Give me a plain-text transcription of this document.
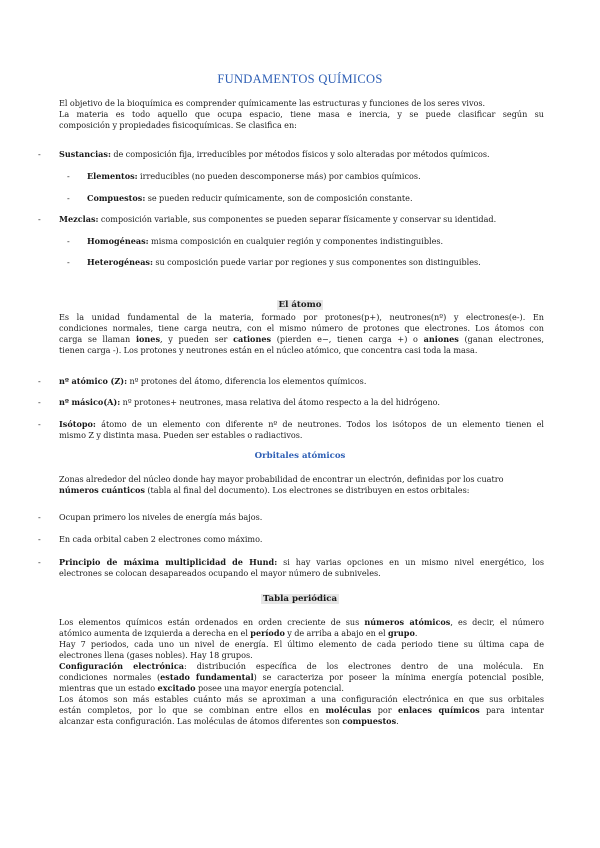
FUNDAMENTOS QUÍMICOS
El objetivo de la bioquímica es comprender químicamente las estructuras y funciones de los seres vivos.
La materia es todo aquello que ocupa espacio, tiene masa e inercia, y se puede clasificar según su
composición y propiedades fisicoquímicas. Se clasifica en:
- Sustancias: de composición fija, irreducibles por métodos físicos y solo alteradas por métodos químicos.
- Elementos: irreducibles (no pueden descomponerse más) por cambios químicos.
- Compuestos: se pueden reducir químicamente, son de composición constante.
- Mezclas: composición variable, sus componentes se pueden separar físicamente y conservar su identidad.
- Homogéneas: misma composición en cualquier región y componentes indistinguibles.
- Heterogéneas: su composición puede variar por regiones y sus componentes son distinguibles.
El átomo
Es la unidad fundamental de la materia, formado por protones(p+), neutrones(nº) y electrones(e-). En
condiciones normales, tiene carga neutra, con el mismo número de protones que electrones. Los átomos con
carga se llaman iones, y pueden ser cationes (pierden e−, tienen carga +) o aniones (ganan electrones,
tienen carga -). Los protones y neutrones están en el núcleo atómico, que concentra casi toda la masa.
- nº atómico (Z): nº protones del átomo, diferencia los elementos químicos.
- nº másico(A): nº protones+ neutrones, masa relativa del átomo respecto a la del hidrógeno.
- Isótopo: átomo de un elemento con diferente nº de neutrones. Todos los isótopos de un elemento tienen el
mismo Z y distinta masa. Pueden ser estables o radiactivos.
Orbitales atómicos
Zonas alrededor del núcleo donde hay mayor probabilidad de encontrar un electrón, definidas por los cuatro
números cuánticos (tabla al final del documento). Los electrones se distribuyen en estos orbitales:
- Ocupan primero los niveles de energía más bajos.
- En cada orbital caben 2 electrones como máximo.
- Principio de máxima multiplicidad de Hund: si hay varias opciones en un mismo nivel energético, los
electrones se colocan desapareados ocupando el mayor número de subniveles.
Tabla periódica
Los elementos químicos están ordenados en orden creciente de sus números atómicos, es decir, el número
atómico aumenta de izquierda a derecha en el período y de arriba a abajo en el grupo.
Hay 7 periodos, cada uno un nivel de energía. El último elemento de cada periodo tiene su última capa de
electrones llena (gases nobles). Hay 18 grupos.
Configuración electrónica: distribución específica de los electrones dentro de una molécula. En
condiciones normales (estado fundamental) se caracteriza por poseer la mínima energía potencial posible,
mientras que un estado excitado posee una mayor energía potencial.
Los átomos son más estables cuánto más se aproximan a una configuración electrónica en que sus orbitales
están completos, por lo que se combinan entre ellos en moléculas por enlaces químicos para intentar
alcanzar esta configuración. Las moléculas de átomos diferentes son compuestos.
